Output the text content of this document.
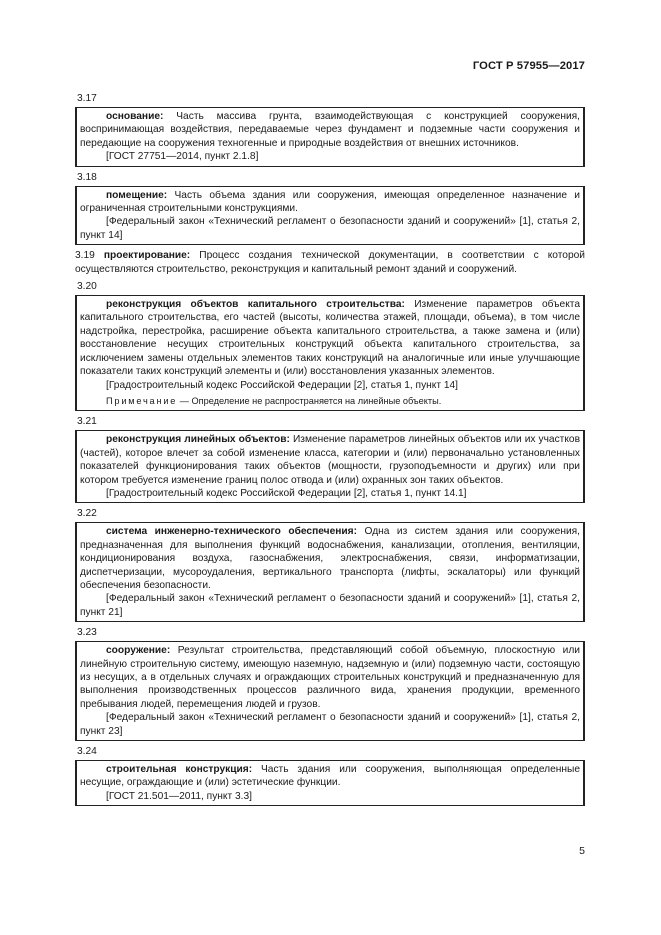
ГОСТ Р 57955—2017
3.17

основание: Часть массива грунта, взаимодействующая с конструкцией сооружения, воспринимающая воздействия, передаваемые через фундамент и подземные части сооружения и передающие на сооружения техногенные и природные воздействия от внешних источников.

[ГОСТ 27751—2014, пункт 2.1.8]

3.18

помещение: Часть объема здания или сооружения, имеющая определенное назначение и ограниченная строительными конструкциями.

[Федеральный закон «Технический регламент о безопасности зданий и сооружений» [1], статья 2, пункт 14]

3.19 проектирование: Процесс создания технической документации, в соответствии с которой осуществляются строительство, реконструкция и капитальный ремонт зданий и сооружений.

3.20

реконструкция объектов капитального строительства: Изменение параметров объекта капитального строительства, его частей (высоты, количества этажей, площади, объема), в том числе надстройка, перестройка, расширение объекта капитального строительства, а также замена и (или) восстановление несущих строительных конструкций объекта капитального строительства, за исключением замены отдельных элементов таких конструкций на аналогичные или иные улучшающие показатели таких конструкций элементы и (или) восстановления указанных элементов.

[Градостроительный кодекс Российской Федерации [2], статья 1, пункт 14]

Примечание — Определение не распространяется на линейные объекты.

3.21

реконструкция линейных объектов: Изменение параметров линейных объектов или их участков (частей), которое влечет за собой изменение класса, категории и (или) первоначально установленных показателей функционирования таких объектов (мощности, грузоподъемности и других) или при котором требуется изменение границ полос отвода и (или) охранных зон таких объектов.

[Градостроительный кодекс Российской Федерации [2], статья 1, пункт 14.1]

3.22

система инженерно-технического обеспечения: Одна из систем здания или сооружения, предназначенная для выполнения функций водоснабжения, канализации, отопления, вентиляции, кондиционирования воздуха, газоснабжения, электроснабжения, связи, информатизации, диспетчеризации, мусороудаления, вертикального транспорта (лифты, эскалаторы) или функций обеспечения безопасности.

[Федеральный закон «Технический регламент о безопасности зданий и сооружений» [1], статья 2, пункт 21]

3.23

сооружение: Результат строительства, представляющий собой объемную, плоскостную или линейную строительную систему, имеющую наземную, надземную и (или) подземную части, состоящую из несущих, а в отдельных случаях и ограждающих строительных конструкций и предназначенную для выполнения производственных процессов различного вида, хранения продукции, временного пребывания людей, перемещения людей и грузов.

[Федеральный закон «Технический регламент о безопасности зданий и сооружений» [1], статья 2, пункт 23]

3.24

строительная конструкция: Часть здания или сооружения, выполняющая определенные несущие, ограждающие и (или) эстетические функции.

[ГОСТ 21.501—2011, пункт 3.3]

5
